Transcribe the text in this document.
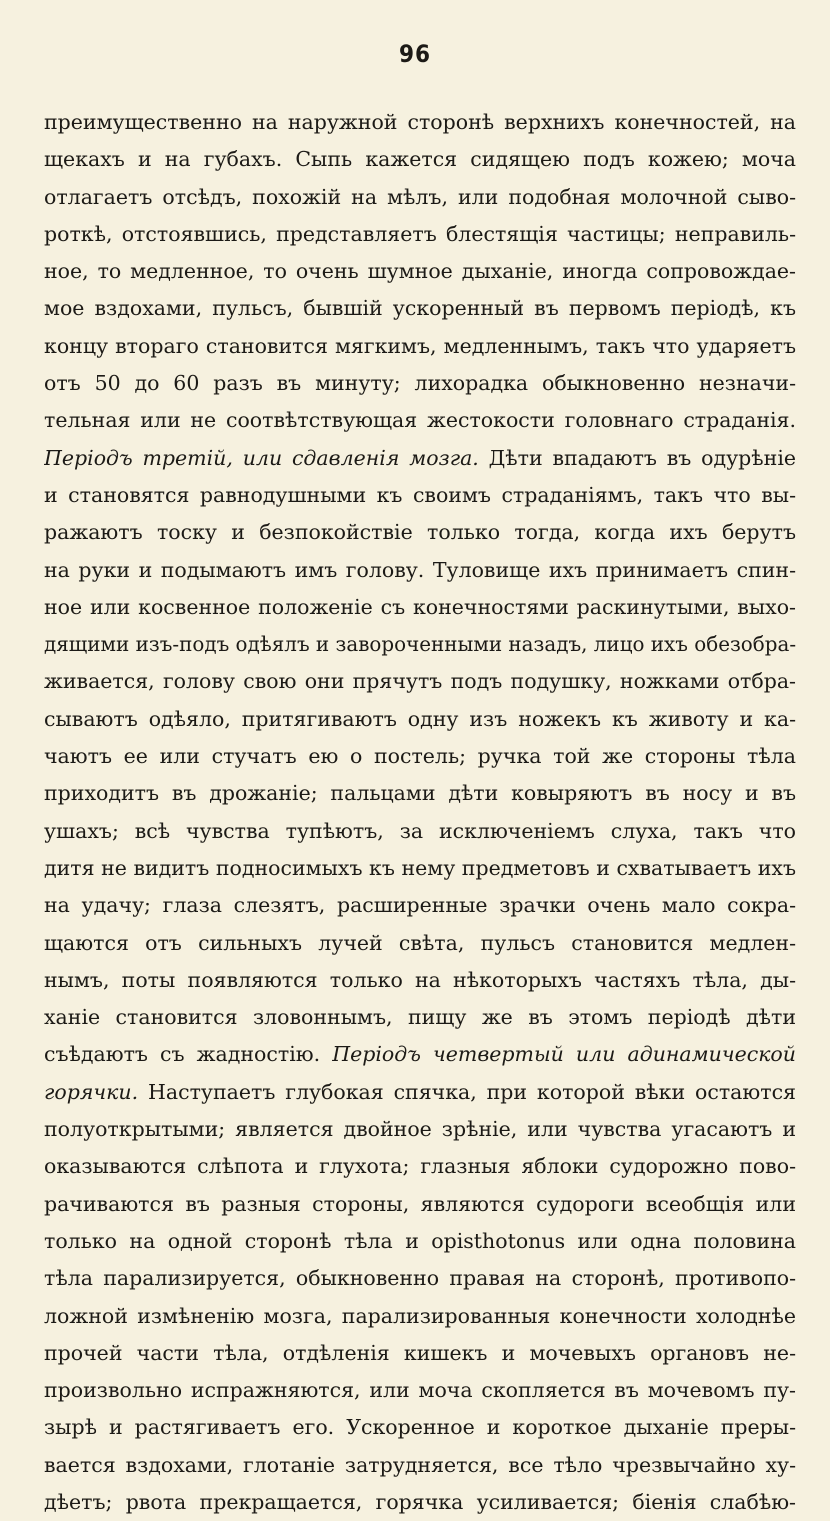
96
преимущественно на наружной сторонѣ верхнихъ конечностей, на
щекахъ и на губахъ. Сыпь кажется сидящею подъ кожею; моча
отлагаетъ отсѣдъ, похожій на мѣлъ, или подобная молочной сыво-
роткѣ, отстоявшись, представляетъ блестящія частицы; неправиль-
ное, то медленное, то очень шумное дыханіе, иногда сопровождае-
мое вздохами, пульсъ, бывшій ускоренный въ первомъ періодѣ, къ
концу втораго становится мягкимъ, медленнымъ, такъ что ударяетъ
отъ 50 до 60 разъ въ минуту; лихорадка обыкновенно незначи-
тельная или не соотвѣтствующая жестокости головнаго страданія.
Періодъ третій, или сдавленія мозга. Дѣти впадаютъ въ одурѣніе
и становятся равнодушными къ своимъ страданіямъ, такъ что вы-
ражаютъ тоску и безпокойствіе только тогда, когда ихъ берутъ
на руки и подымаютъ имъ голову. Туловище ихъ принимаетъ спин-
ное или косвенное положеніе съ конечностями раскинутыми, выхо-
дящими изъ-подъ одѣялъ и завороченными назадъ, лицо ихъ обезобра-
живается, голову свою они прячутъ подъ подушку, ножками отбра-
сываютъ одѣяло, притягиваютъ одну изъ ножекъ къ животу и ка-
чаютъ ее или стучатъ ею о постель; ручка той же стороны тѣла
приходитъ въ дрожаніе; пальцами дѣти ковыряютъ въ носу и въ
ушахъ; всѣ чувства тупѣютъ, за исключеніемъ слуха, такъ что
дитя не видитъ подносимыхъ къ нему предметовъ и схватываетъ ихъ
на удачу; глаза слезятъ, расширенные зрачки очень мало сокра-
щаются отъ сильныхъ лучей свѣта, пульсъ становится медлен-
нымъ, поты появляются только на нѣкоторыхъ частяхъ тѣла, ды-
ханіе становится зловоннымъ, пищу же въ этомъ періодѣ дѣти
съѣдаютъ съ жадностію. Періодъ четвертый или адинамической
горячки. Наступаетъ глубокая спячка, при которой вѣки остаются
полуоткрытыми; является двойное зрѣніе, или чувства угасаютъ и
оказываются слѣпота и глухота; глазныя яблоки судорожно пово-
рачиваются въ разныя стороны, являются судороги всеобщія или
только на одной сторонѣ тѣла и opisthotonus или одна половина
тѣла парализируется, обыкновенно правая на сторонѣ, противопо-
ложной измѣненію мозга, парализированныя конечности холоднѣе
прочей части тѣла, отдѣленія кишекъ и мочевыхъ органовъ не-
произвольно испражняются, или моча скопляется въ мочевомъ пу-
зырѣ и растягиваетъ его. Ускоренное и короткое дыханіе преры-
вается вздохами, глотаніе затрудняется, все тѣло чрезвычайно ху-
дѣетъ; рвота прекращается, горячка усиливается; біенія слабѣю-
